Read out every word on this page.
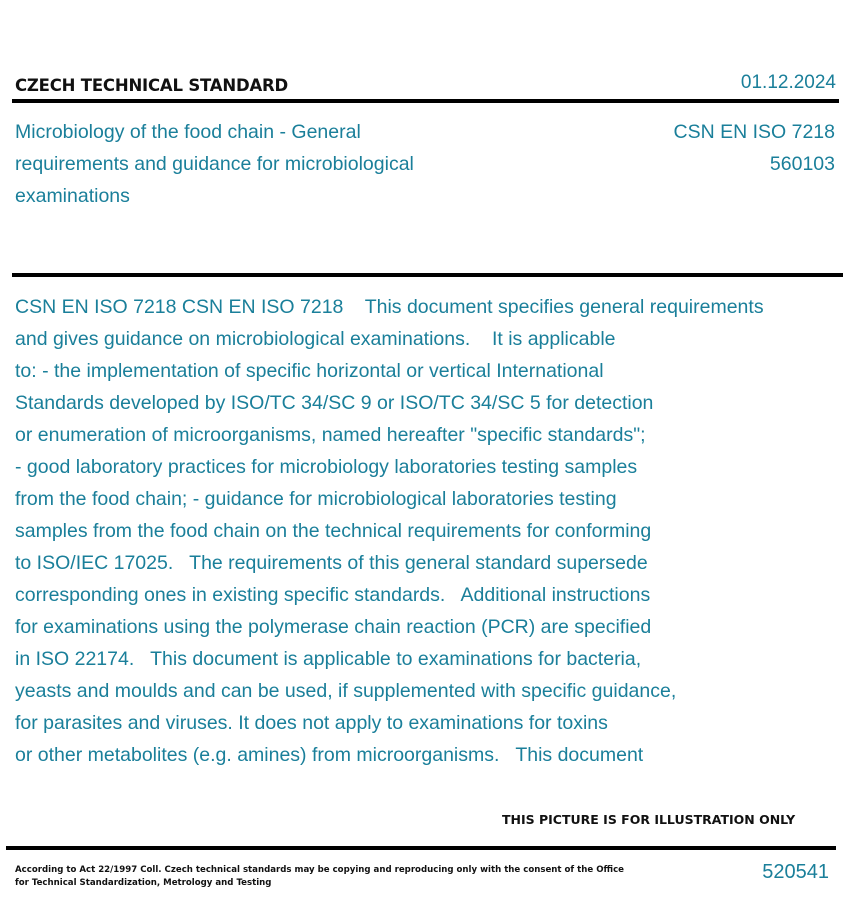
CZECH TECHNICAL STANDARD	01.12.2024
Microbiology of the food chain - General
requirements and guidance for microbiological
examinations
CSN EN ISO 7218
560103
CSN EN ISO 7218 CSN EN ISO 7218    This document specifies general requirements
and gives guidance on microbiological examinations.    It is applicable
to: - the implementation of specific horizontal or vertical International
Standards developed by ISO/TC 34/SC 9 or ISO/TC 34/SC 5 for detection
or enumeration of microorganisms, named hereafter "specific standards";
- good laboratory practices for microbiology laboratories testing samples
from the food chain; - guidance for microbiological laboratories testing
samples from the food chain on the technical requirements for conforming
to ISO/IEC 17025.   The requirements of this general standard supersede
corresponding ones in existing specific standards.   Additional instructions
for examinations using the polymerase chain reaction (PCR) are specified
in ISO 22174.   This document is applicable to examinations for bacteria,
yeasts and moulds and can be used, if supplemented with specific guidance,
for parasites and viruses. It does not apply to examinations for toxins
or other metabolites (e.g. amines) from microorganisms.   This document
THIS PICTURE IS FOR ILLUSTRATION ONLY
According to Act 22/1997 Coll. Czech technical standards may be copying and reproducing only with the consent of the Office
for Technical Standardization, Metrology and Testing	520541
